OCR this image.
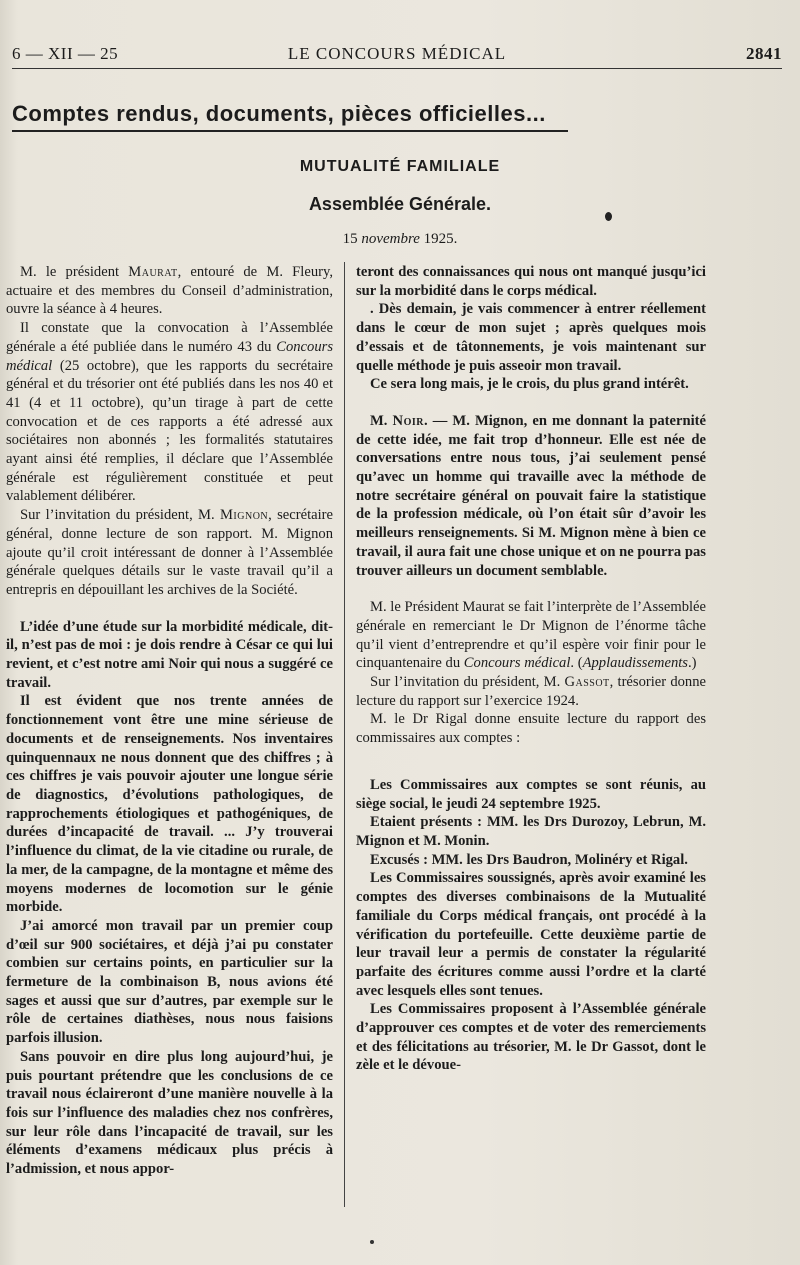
6 — XII — 25	LE CONCOURS MÉDICAL	2841
Comptes rendus, documents, pièces officielles...
MUTUALITÉ FAMILIALE
Assemblée Générale.
15 novembre 1925.

M. le président Maurat, entouré de M. Fleury, actuaire et des membres du Conseil d’administration, ouvre la séance à 4 heures.

Il constate que la convocation à l’Assemblée générale a été publiée dans le numéro 43 du Concours médical (25 octobre), que les rapports du secrétaire général et du trésorier ont été publiés dans les nos 40 et 41 (4 et 11 octobre), qu’un tirage à part de cette convocation et de ces rapports a été adressé aux sociétaires non abonnés ; les formalités statutaires ayant ainsi été remplies, il déclare que l’Assemblée générale est régulièrement constituée et peut valablement délibérer.

Sur l’invitation du président, M. Mignon, secrétaire général, donne lecture de son rapport. M. Mignon ajoute qu’il croit intéressant de donner à l’Assemblée générale quelques détails sur le vaste travail qu’il a entrepris en dépouillant les archives de la Société.

L’idée d’une étude sur la morbidité médicale, dit-il, n’est pas de moi : je dois rendre à César ce qui lui revient, et c’est notre ami Noir qui nous a suggéré ce travail.

Il est évident que nos trente années de fonctionnement vont être une mine sérieuse de documents et de renseignements. Nos inventaires quinquennaux ne nous donnent que des chiffres ; à ces chiffres je vais pouvoir ajouter une longue série de diagnostics, d’évolutions pathologiques, de rapprochements étiologiques et pathogéniques, de durées d’incapacité de travail. ... J’y trouverai l’influence du climat, de la vie citadine ou rurale, de la mer, de la campagne, de la montagne et même des moyens modernes de locomotion sur le génie morbide.

J’ai amorcé mon travail par un premier coup d’œil sur 900 sociétaires, et déjà j’ai pu constater combien sur certains points, en particulier sur la fermeture de la combinaison B, nous avions été sages et aussi que sur d’autres, par exemple sur le rôle de certaines diathèses, nous nous faisions parfois illusion.

Sans pouvoir en dire plus long aujourd’hui, je puis pourtant prétendre que les conclusions de ce travail nous éclaireront d’une manière nouvelle à la fois sur l’influence des maladies chez nos confrères, sur leur rôle dans l’incapacité de travail, sur les éléments d’examens médicaux plus précis à l’admission, et nous appor-

teront des connaissances qui nous ont manqué jusqu’ici sur la morbidité dans le corps médical.

. Dès demain, je vais commencer à entrer réellement dans le cœur de mon sujet ; après quelques mois d’essais et de tâtonnements, je vois maintenant sur quelle méthode je puis asseoir mon travail.

Ce sera long mais, je le crois, du plus grand intérêt.

M. Noir. — M. Mignon, en me donnant la paternité de cette idée, me fait trop d’honneur. Elle est née de conversations entre nous tous, j’ai seulement pensé qu’avec un homme qui travaille avec la méthode de notre secrétaire général on pouvait faire la statistique de la profession médicale, où l’on était sûr d’avoir les meilleurs renseignements. Si M. Mignon mène à bien ce travail, il aura fait une chose unique et on ne pourra pas trouver ailleurs un document semblable.

M. le Président Maurat se fait l’interprète de l’Assemblée générale en remerciant le Dr Mignon de l’énorme tâche qu’il vient d’entreprendre et qu’il espère voir finir pour le cinquantenaire du Concours médical. (Applaudissements.)

Sur l’invitation du président, M. Gassot, trésorier donne lecture du rapport sur l’exercice 1924.

M. le Dr Rigal donne ensuite lecture du rapport des commissaires aux comptes :

Les Commissaires aux comptes se sont réunis, au siège social, le jeudi 24 septembre 1925.

Etaient présents : MM. les Drs Durozoy, Lebrun, M. Mignon et M. Monin.

Excusés : MM. les Drs Baudron, Molinéry et Rigal.

Les Commissaires soussignés, après avoir examiné les comptes des diverses combinaisons de la Mutualité familiale du Corps médical français, ont procédé à la vérification du portefeuille. Cette deuxième partie de leur travail leur a permis de constater la régularité parfaite des écritures comme aussi l’ordre et la clarté avec lesquels elles sont tenues.

Les Commissaires proposent à l’Assemblée générale d’approuver ces comptes et de voter des remerciements et des félicitations au trésorier, M. le Dr Gassot, dont le zèle et le dévoue-
